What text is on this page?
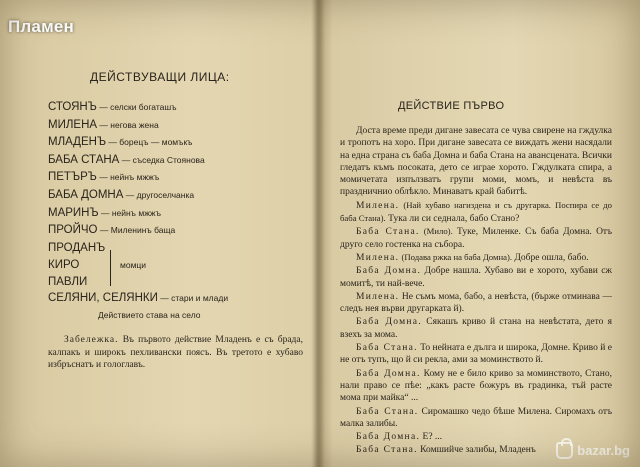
Пламен
ДЕЙСТВУВАЩИ ЛИЦА:
СТОЯНЪ — селски богаташъ
МИЛЕНА — негова жена
МЛАДЕНЪ — борецъ — момъкъ
БАБА СТАНА — съседка Стоянова
ПЕТЪРЪ — нейнъ мжжъ
БАБА ДОМНА — другоселчанка
МАРИНЪ — нейнъ мжжъ
ПРОЙЧО — Миленинъ баща
ПРОДАНЪ
КИРО
ПАВЛИ
момци
СЕЛЯНИ, СЕЛЯНКИ — стари и млади
Действието става на селo
Забележка. Въ първото действие Младенъ е съ брада, калпакъ и широкъ пехливански поясъ. Въ третото е хубаво избръснатъ и гологлавъ.
ДЕЙСТВИЕ ПЪРВО
Доста време преди дигане завесата се чува свирене на гждулка и тропотъ на хоро. При дигане завесата се виждатъ жени насядали на една страна съ баба Домна и баба Стана на авансцената. Всички гледатъ къмъ посоката, дето се играе хорото. Гждулката спира, а момичетата изпълзватъ групи моми, момъ, и невѣста въ праздничниo облѣкло. Минаватъ край бабитѣ.
Милена. (Най хубаво нагиздена и съ другарка. Поспира се до баба Стана). Тукa ли си седнала, бабо Стано?
Баба Стана. (Мило). Туке, Миленке. Съ баба Домна. Отъ друго село гостенка на съборa.
Милена. (Подава ржка на баба Домна). Добре ошла, бабо.
Баба Домна. Добре нашла. Хубаво ви е хорото, хубави сж момитѣ, ти най-вече.
Милена. Не съмъ мома, бабо, а невѣста, (бърже отминава — следъ нея върви другарката й).
Баба Домна. Сякашъ криво й стана на невѣстата, дето я взехъ за мома.
Баба Стана. То нейната е дълга и широка, Домне. Криво й е не отъ тупъ, що й си рекла, ами за моминството й.
Баба Домна. Кому не е било криво за моминството, Стано, нали право се пѣе: „какъ расте божуръ въ градинка, тъй расте мома при майка“ ...
Баба Стана. Сиромашко чедо бѣше Милена. Сиромахъ отъ малка залибы.
Баба Домна. Е? ...
Баба Стана. Комшийче залибы, Младенъ	bazar.bg
